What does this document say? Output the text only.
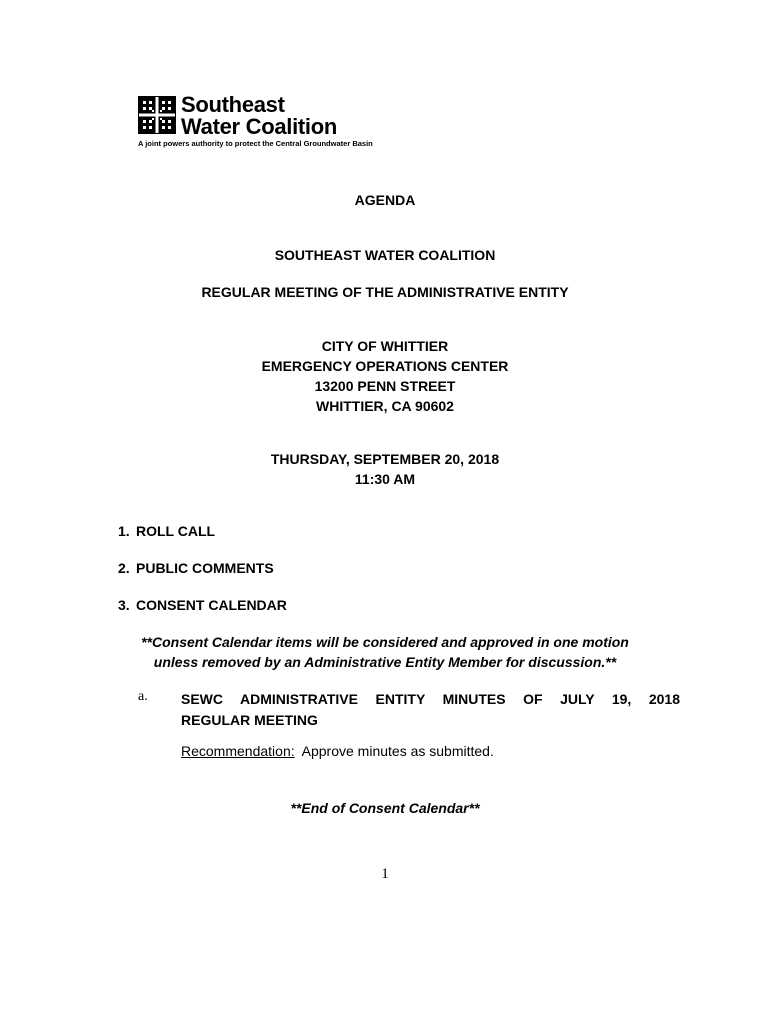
Southeast
Water Coalition
A joint powers authority to protect the Central Groundwater Basin
AGENDA
SOUTHEAST WATER COALITION
REGULAR MEETING OF THE ADMINISTRATIVE ENTITY
CITY OF WHITTIER
EMERGENCY OPERATIONS CENTER
13200 PENN STREET
WHITTIER, CA 90602
THURSDAY, SEPTEMBER 20, 2018
11:30 AM
1. ROLL CALL
2. PUBLIC COMMENTS
3. CONSENT CALENDAR
**Consent Calendar items will be considered and approved in one motion
unless removed by an Administrative Entity Member for discussion.**
a. SEWC ADMINISTRATIVE ENTITY MINUTES OF JULY 19, 2018
REGULAR MEETING
Recommendation: Approve minutes as submitted.
**End of Consent Calendar**
1
